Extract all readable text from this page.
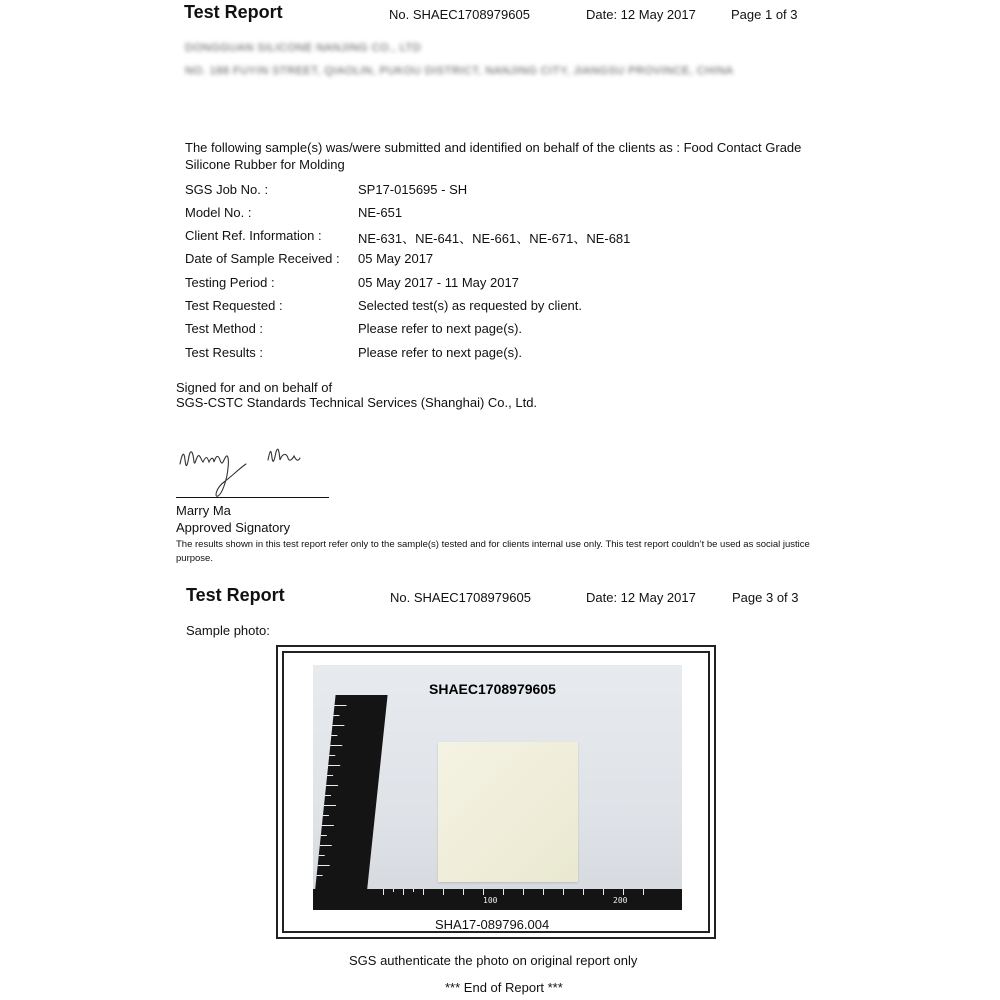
Test Report	No. SHAEC1708979605	Date: 12 May 2017	Page 1 of 3
DONGGUAN SILICONE NANJING CO., LTD
NO. 188 FUYIN STREET, QIAOLIN, PUKOU DISTRICT, NANJING CITY, JIANGSU PROVINCE, CHINA
The following sample(s) was/were submitted and identified on behalf of the clients as : Food Contact Grade
Silicone Rubber for Molding
SGS Job No. :	SP17-015695 - SH
Model No. :	NE-651
Client Ref. Information :	NE-631、NE-641、NE-661、NE-671、NE-681
Date of Sample Received : 05 May 2017
Testing Period :	05 May 2017 - 11 May 2017
Test Requested :	Selected test(s) as requested by client.
Test Method :	Please refer to next page(s).
Test Results :	Please refer to next page(s).
Signed for and on behalf of
SGS-CSTC Standards Technical Services (Shanghai) Co., Ltd.
Marry Ma
Approved Signatory
The results shown in this test report refer only to the sample(s) tested and for clients internal use only. This test report couldn’t be used as social justice purpose.
Test Report	No. SHAEC1708979605	Date: 12 May 2017	Page 3 of 3
Sample photo:
SHAEC1708979605
100	200
SHA17-089796.004
SGS authenticate the photo on original report only
*** End of Report ***
